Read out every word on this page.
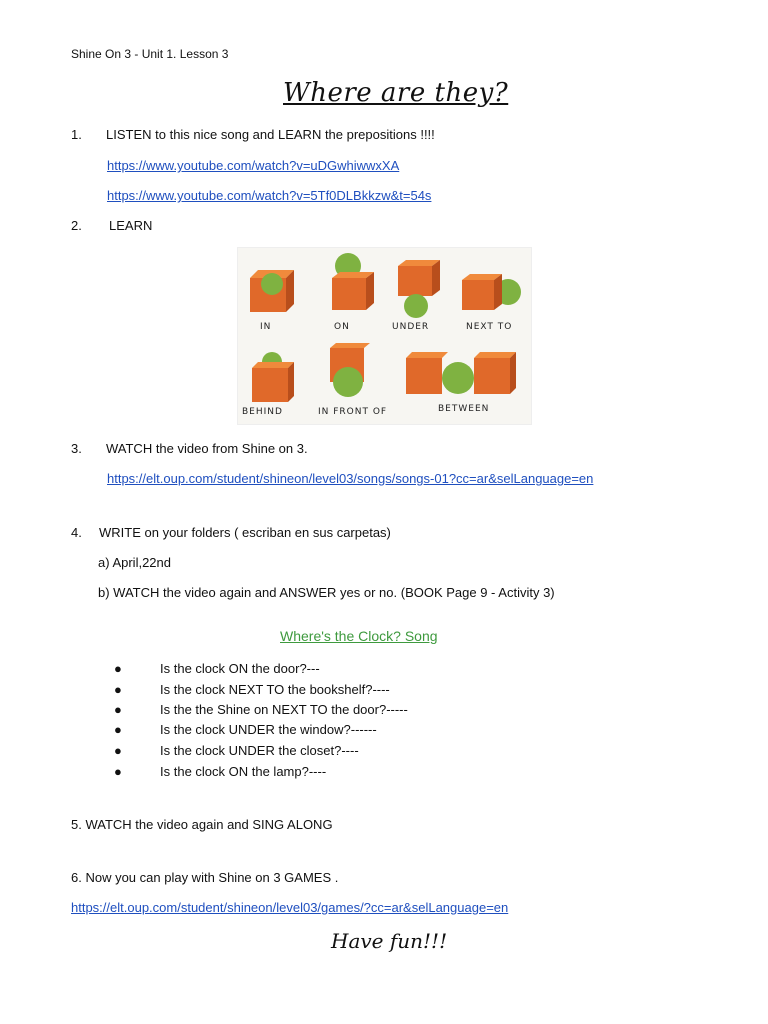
Shine On 3 - Unit 1. Lesson 3
Where are they?
1. LISTEN to this nice song and LEARN the prepositions !!!!
https://www.youtube.com/watch?v=uDGwhiwwxXA
https://www.youtube.com/watch?v=5Tf0DLBkkzw&t=54s
2. LEARN
IN	ON	UNDER	NEXT TO
BEHIND	IN FRONT OF	BETWEEN
3. WATCH the video from Shine on 3.
https://elt.oup.com/student/shineon/level03/songs/songs-01?cc=ar&selLanguage=en
4. WRITE on your folders ( escriban en sus carpetas)
a) April,22nd
b) WATCH the video again and ANSWER yes or no. (BOOK Page 9 - Activity 3)
Where's the Clock? Song
●	Is the clock ON the door?---
●	Is the clock NEXT TO the bookshelf?----
●	Is the the Shine on NEXT TO the door?-----
●	Is the clock UNDER the window?------
●	Is the clock UNDER the closet?----
●	Is the clock ON the lamp?----
5. WATCH the video again and SING ALONG
6. Now you can play with Shine on 3 GAMES .
https://elt.oup.com/student/shineon/level03/games/?cc=ar&selLanguage=en
Have fun!!!
